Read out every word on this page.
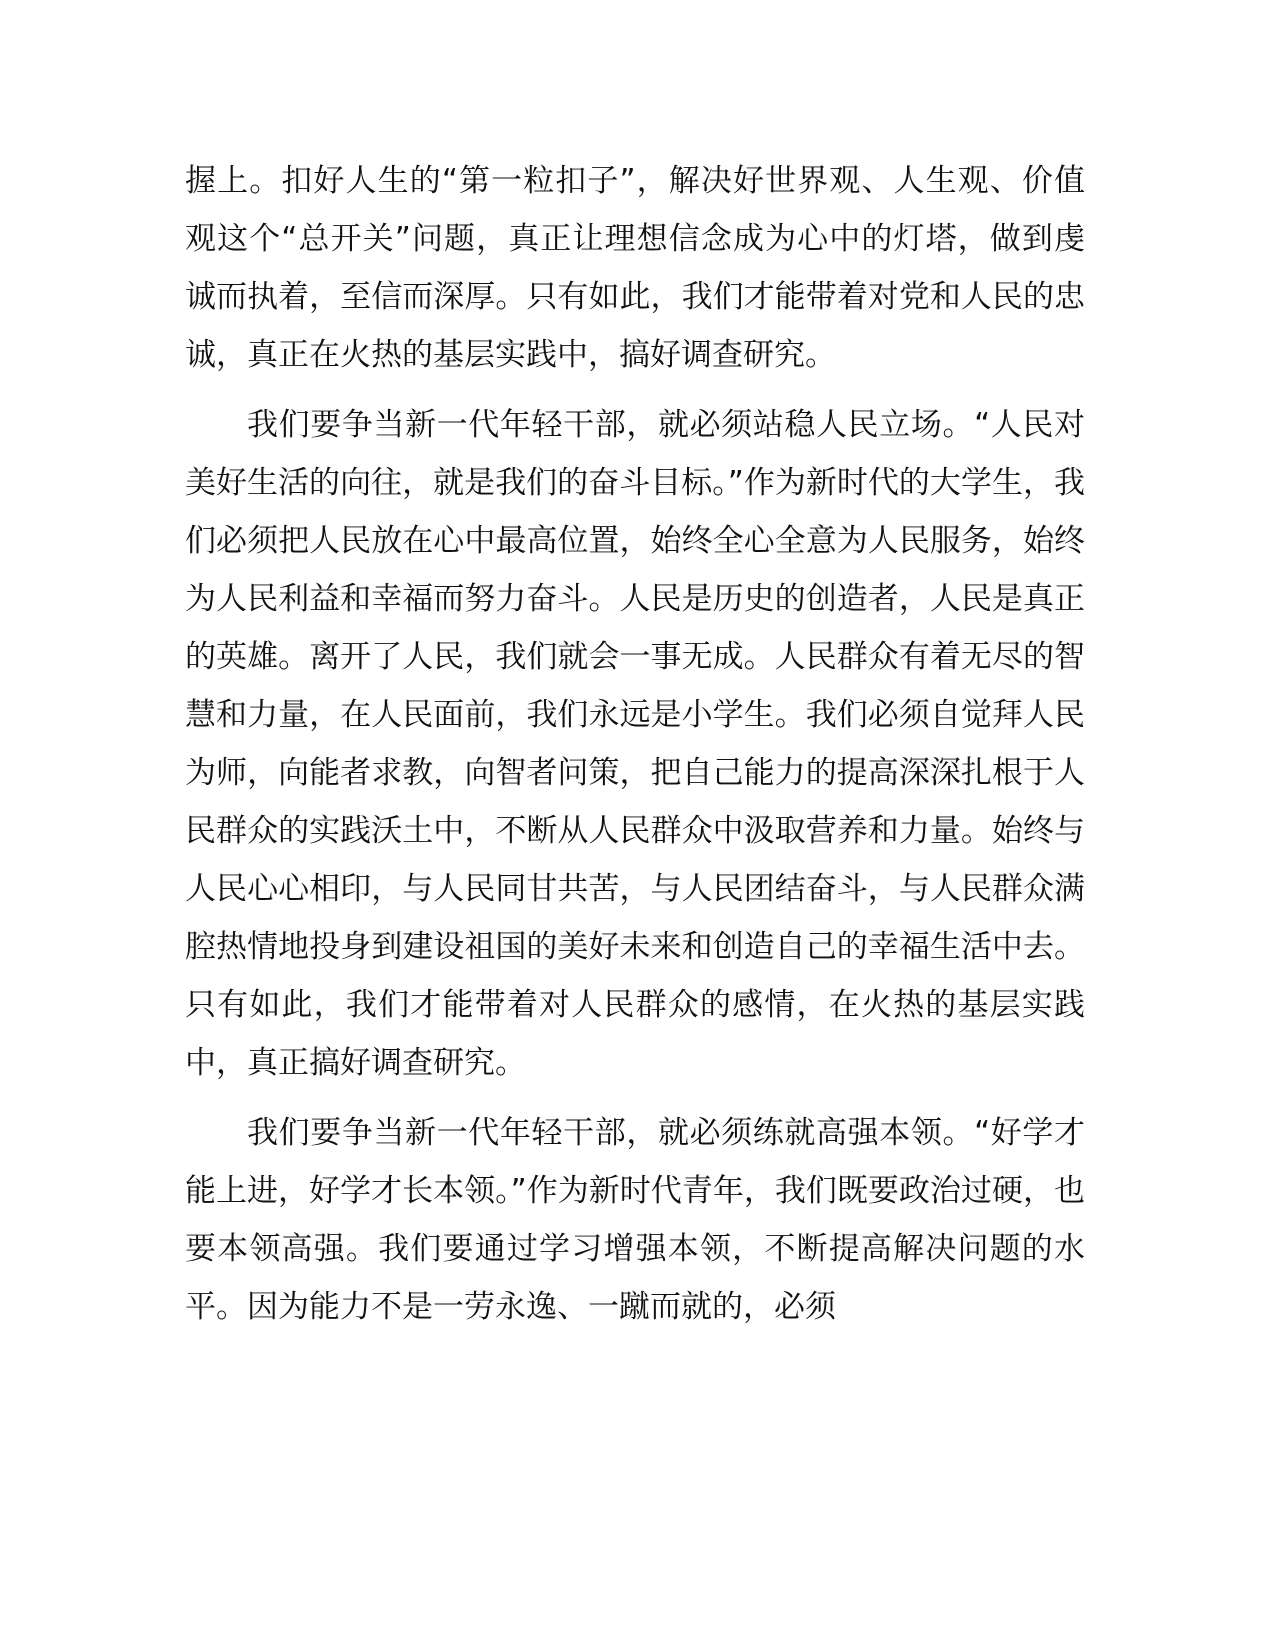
握上。扣好人生的“第一粒扣子”，解决好世界观、人生观、价值观这个“总开关”问题，真正让理想信念成为心中的灯塔，做到虔诚而执着，至信而深厚。只有如此，我们才能带着对党和人民的忠诚，真正在火热的基层实践中，搞好调查研究。

我们要争当新一代年轻干部，就必须站稳人民立场。“人民对美好生活的向往，就是我们的奋斗目标。”作为新时代的大学生，我们必须把人民放在心中最高位置，始终全心全意为人民服务，始终为人民利益和幸福而努力奋斗。人民是历史的创造者，人民是真正的英雄。离开了人民，我们就会一事无成。人民群众有着无尽的智慧和力量，在人民面前，我们永远是小学生。我们必须自觉拜人民为师，向能者求教，向智者问策，把自己能力的提高深深扎根于人民群众的实践沃土中，不断从人民群众中汲取营养和力量。始终与人民心心相印，与人民同甘共苦，与人民团结奋斗，与人民群众满腔热情地投身到建设祖国的美好未来和创造自己的幸福生活中去。只有如此，我们才能带着对人民群众的感情，在火热的基层实践中，真正搞好调查研究。

我们要争当新一代年轻干部，就必须练就高强本领。“好学才能上进，好学才长本领。”作为新时代青年，我们既要政治过硬，也要本领高强。我们要通过学习增强本领，不断提高解决问题的水平。因为能力不是一劳永逸、一蹴而就的，必须
